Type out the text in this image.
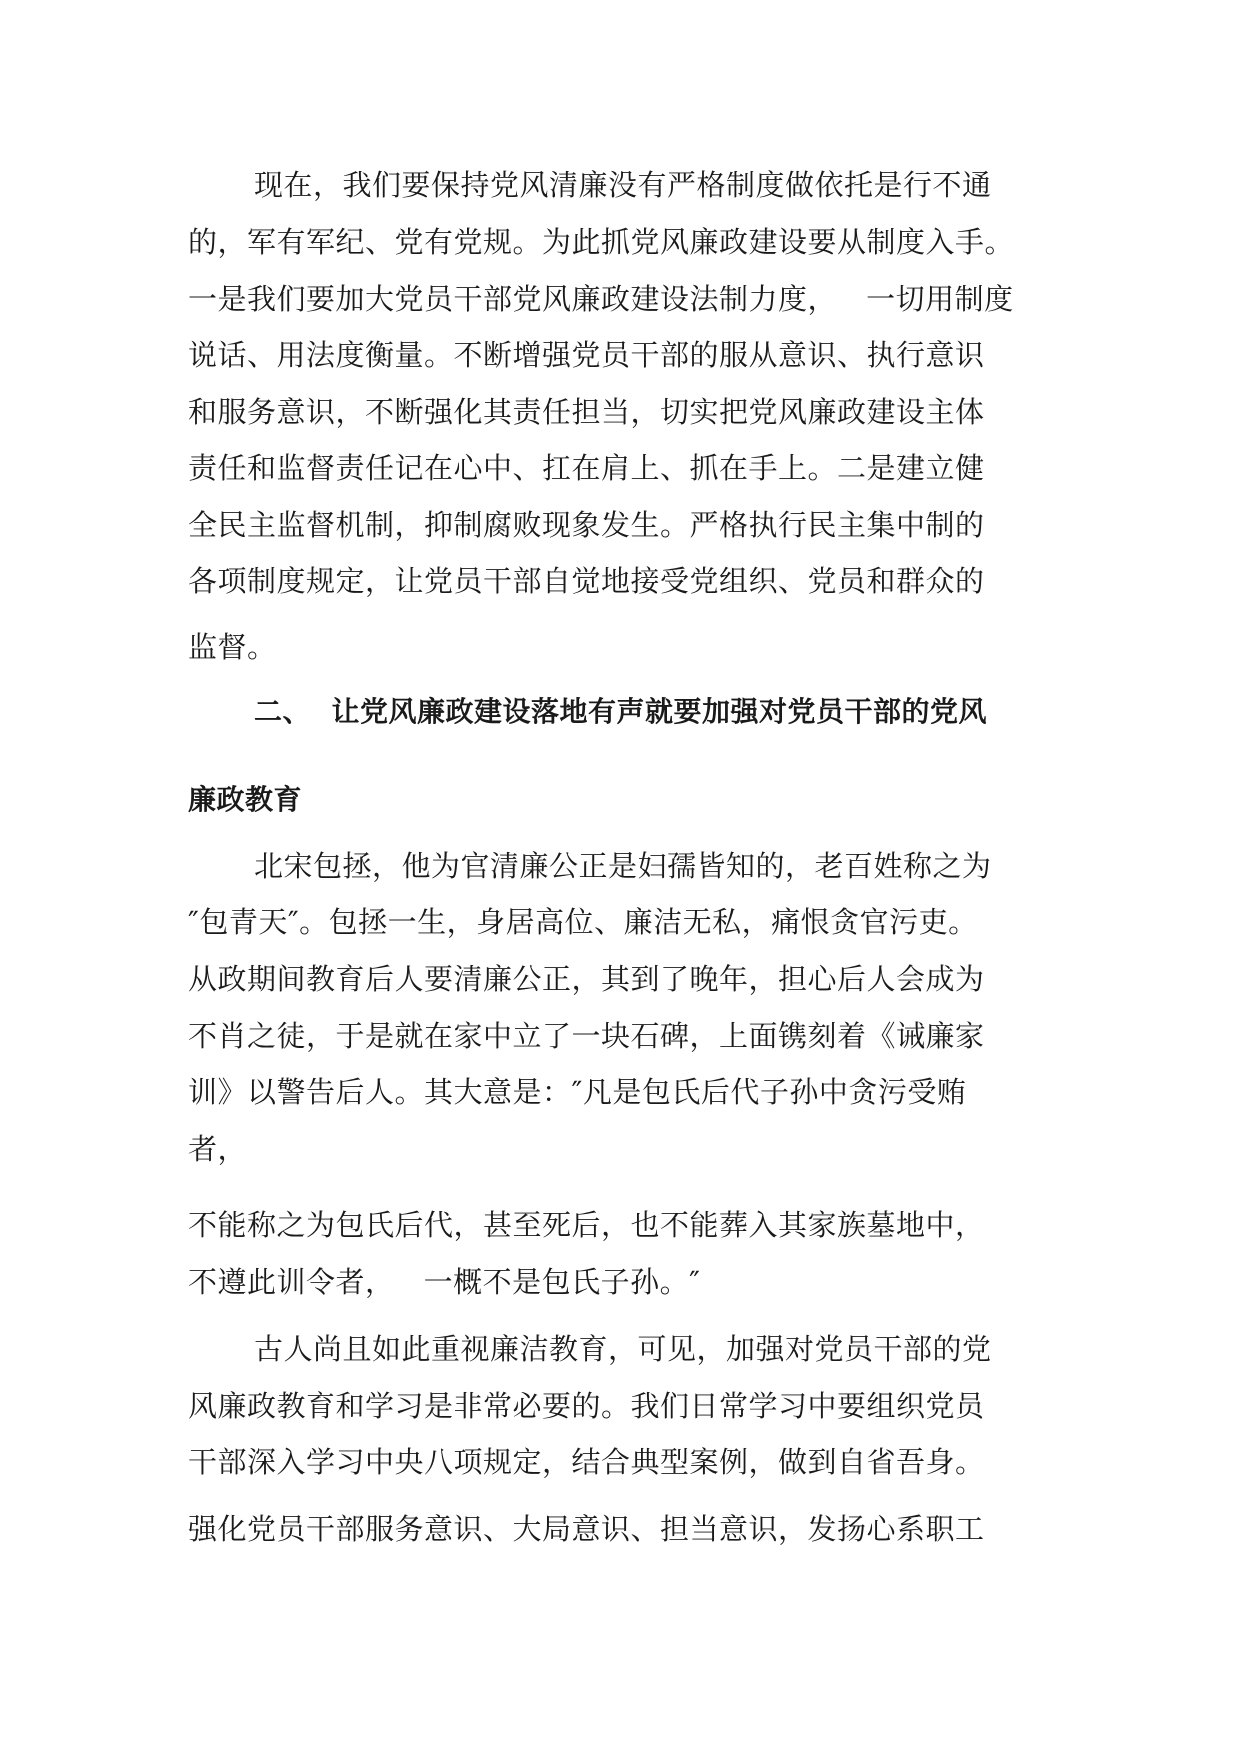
现在，我们要保持党风清廉没有严格制度做依托是行不通
的，军有军纪、党有党规。为此抓党风廉政建设要从制度入手。
一是我们要加大党员干部党风廉政建设法制力度，   一切用制度
说话、用法度衡量。不断增强党员干部的服从意识、执行意识
和服务意识，不断强化其责任担当，切实把党风廉政建设主体
责任和监督责任记在心中、扛在肩上、抓在手上。二是建立健
全民主监督机制，抑制腐败现象发生。严格执行民主集中制的
各项制度规定，让党员干部自觉地接受党组织、党员和群众的
监督。
二、  让党风廉政建设落地有声就要加强对党员干部的党风
廉政教育
北宋包拯，他为官清廉公正是妇孺皆知的，老百姓称之为
″包青天″。包拯一生，身居高位、廉洁无私，痛恨贪官污吏。
从政期间教育后人要清廉公正，其到了晚年，担心后人会成为
不肖之徒，于是就在家中立了一块石碑，上面镌刻着《诫廉家
训》以警告后人。其大意是：″凡是包氏后代子孙中贪污受贿
者，
不能称之为包氏后代，甚至死后，也不能葬入其家族墓地中，
不遵此训令者，   一概不是包氏子孙。″
古人尚且如此重视廉洁教育，可见，加强对党员干部的党
风廉政教育和学习是非常必要的。我们日常学习中要组织党员
干部深入学习中央八项规定，结合典型案例，做到自省吾身。
强化党员干部服务意识、大局意识、担当意识，发扬心系职工
